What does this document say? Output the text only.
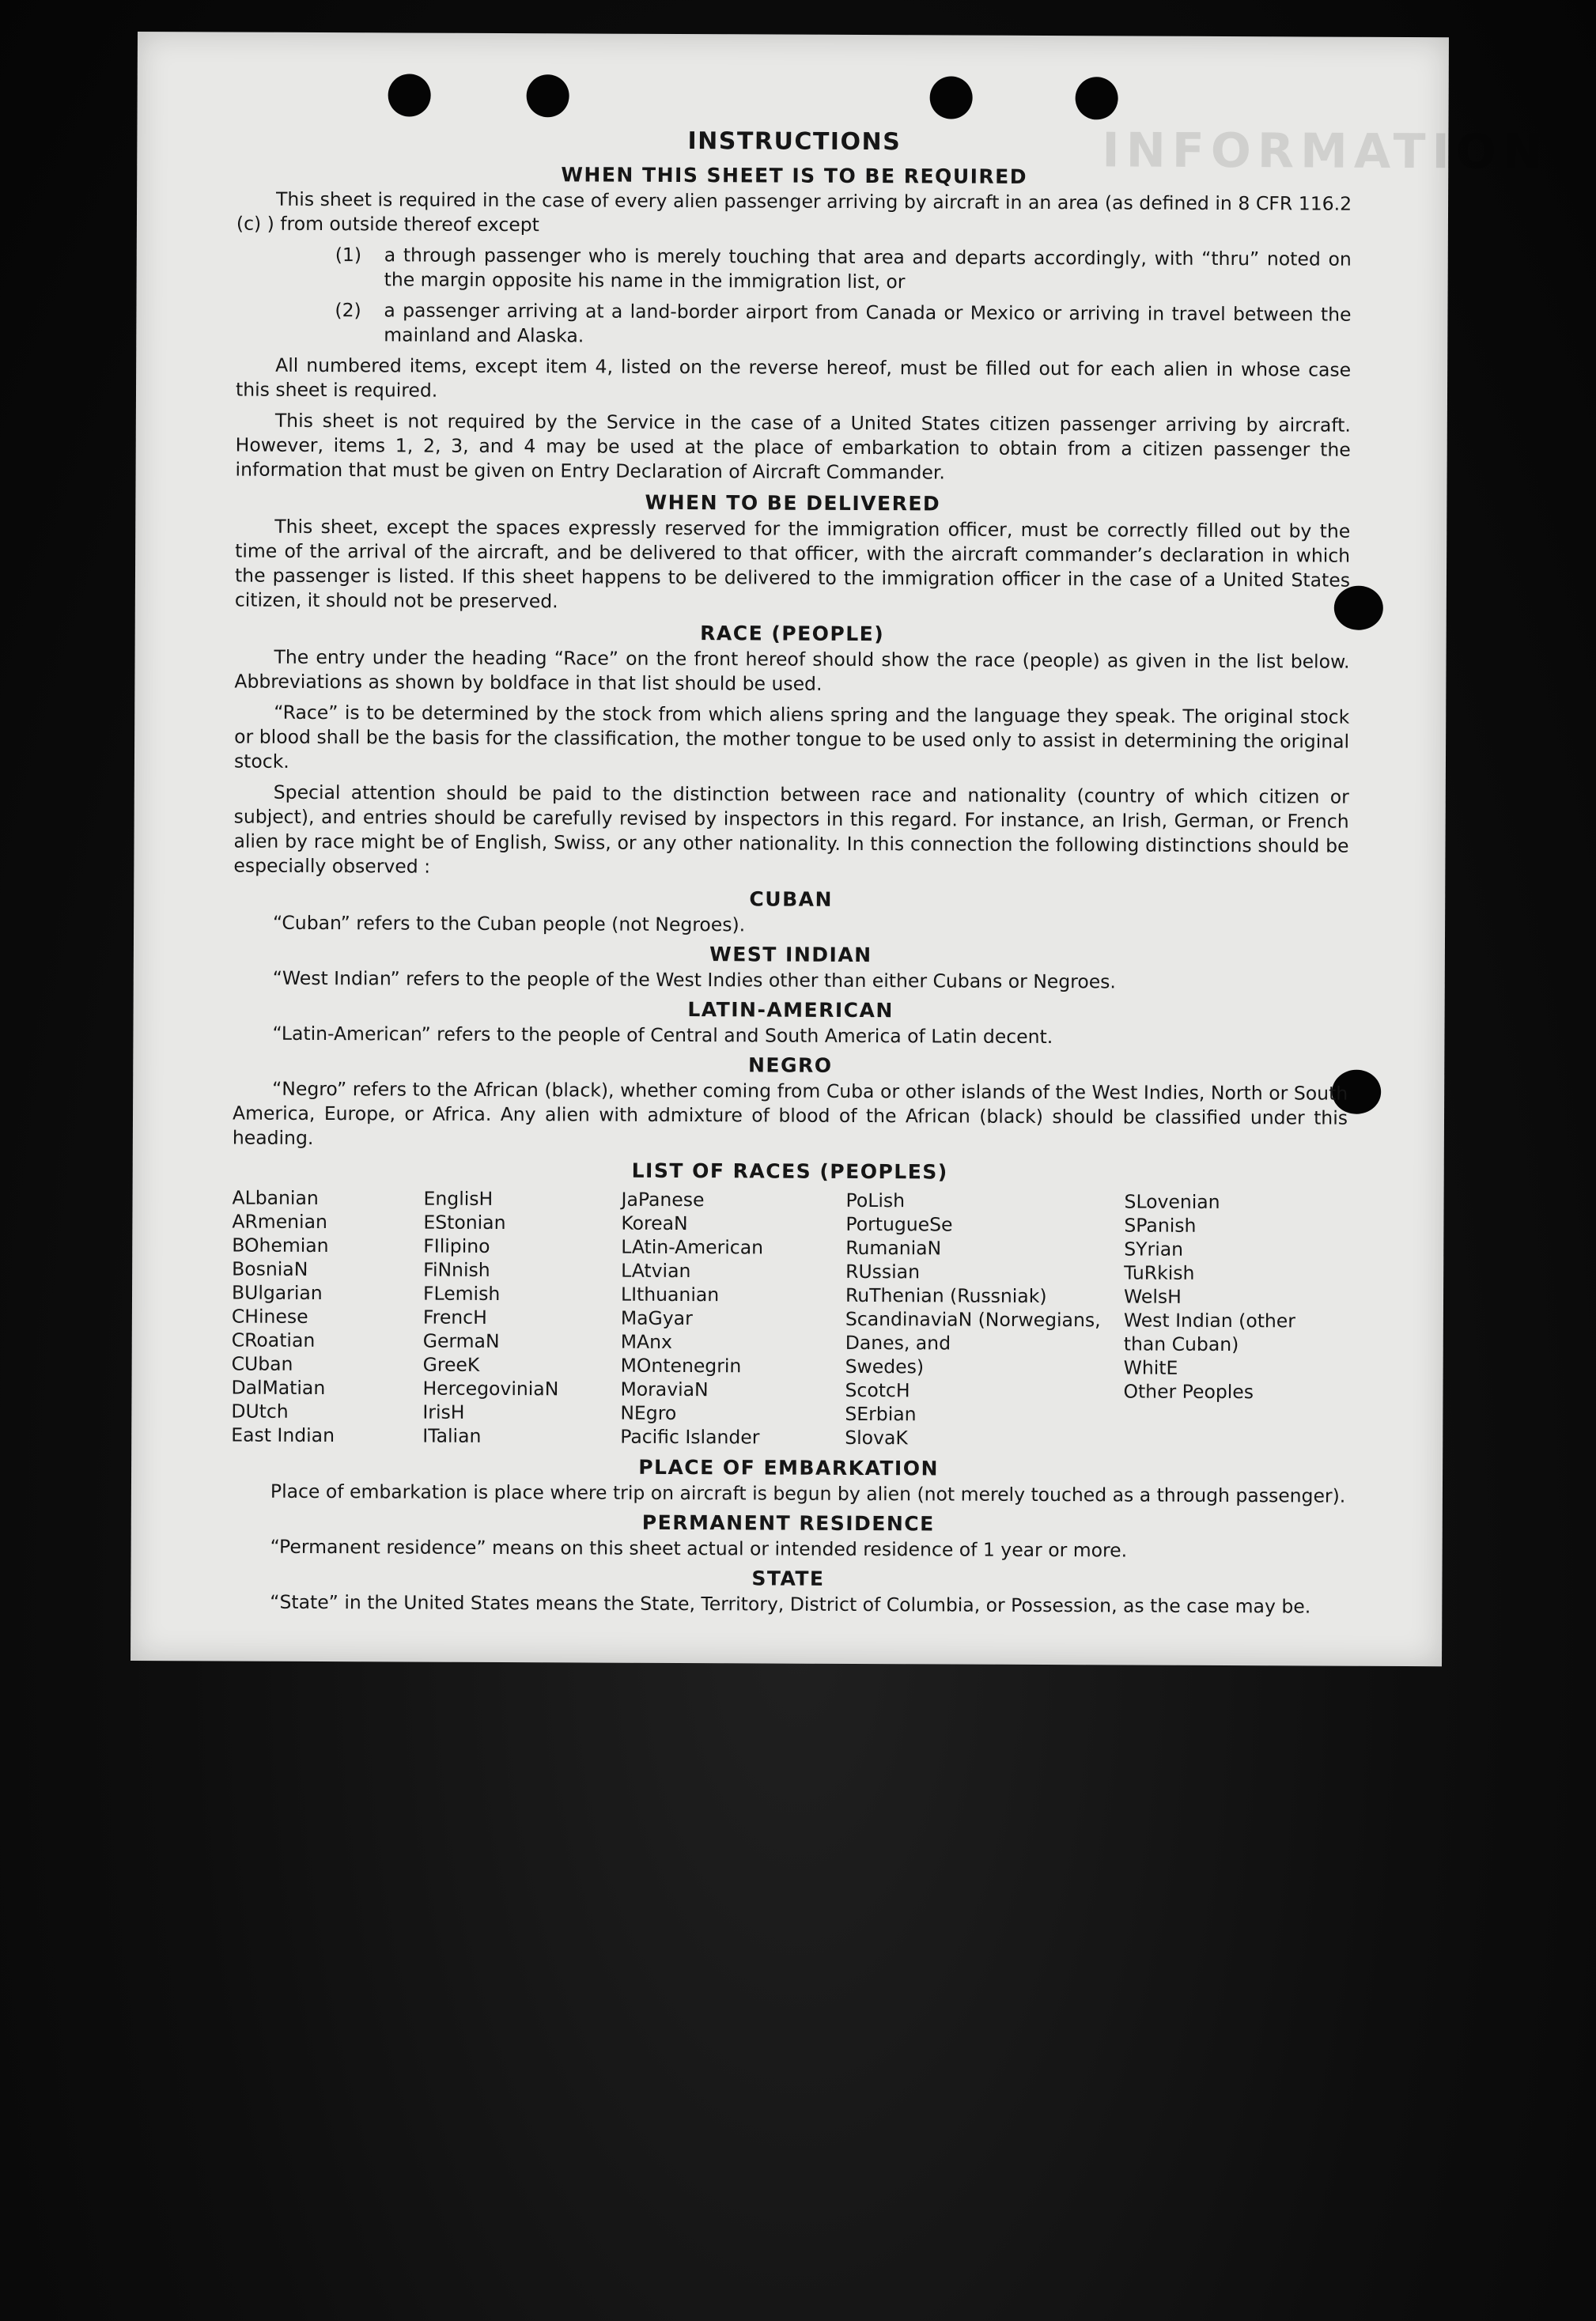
INFORMATION
INSTRUCTIONS
WHEN THIS SHEET IS TO BE REQUIRED
This sheet is required in the case of every alien passenger arriving by aircraft in an area (as defined in 8 CFR 116.2 (c) ) from outside thereof except
(1)	a through passenger who is merely touching that area and departs accordingly, with “thru” noted on the margin opposite his name in the immigration list, or
(2)	a passenger arriving at a land-border airport from Canada or Mexico or arriving in travel between the mainland and Alaska.
All numbered items, except item 4, listed on the reverse hereof, must be filled out for each alien in whose case this sheet is required.
This sheet is not required by the Service in the case of a United States citizen passenger arriving by aircraft. However, items 1, 2, 3, and 4 may be used at the place of embarkation to obtain from a citizen passenger the information that must be given on Entry Declaration of Aircraft Commander.
WHEN TO BE DELIVERED
This sheet, except the spaces expressly reserved for the immigration officer, must be correctly filled out by the time of the arrival of the aircraft, and be delivered to that officer, with the aircraft commander’s declaration in which the passenger is listed. If this sheet happens to be delivered to the immigration officer in the case of a United States citizen, it should not be preserved.
RACE (PEOPLE)
The entry under the heading “Race” on the front hereof should show the race (people) as given in the list below. Abbreviations as shown by boldface in that list should be used.
“Race” is to be determined by the stock from which aliens spring and the language they speak. The original stock or blood shall be the basis for the classification, the mother tongue to be used only to assist in determining the original stock.
Special attention should be paid to the distinction between race and nationality (country of which citizen or subject), and entries should be carefully revised by inspectors in this regard. For instance, an Irish, German, or French alien by race might be of English, Swiss, or any other nationality. In this connection the following distinctions should be especially observed :
CUBAN
“Cuban” refers to the Cuban people (not Negroes).
WEST INDIAN
“West Indian” refers to the people of the West Indies other than either Cubans or Negroes.
LATIN-AMERICAN
“Latin-American” refers to the people of Central and South America of Latin decent.
NEGRO
“Negro” refers to the African (black), whether coming from Cuba or other islands of the West Indies, North or South America, Europe, or Africa. Any alien with admixture of blood of the African (black) should be classified under this heading.
LIST OF RACES (PEOPLES)
ALbanian
ARmenian
BOhemian
BosniaN
BUlgarian
CHinese
CRoatian
CUban
DalMatian
DUtch
East Indian
EnglisH
EStonian
FIlipino
FiNnish
FLemish
FrencH
GermaN
GreeK
HercegoviniaN
IrisH
ITalian
JaPanese
KoreaN
LAtin-American
LAtvian
LIthuanian
MaGyar
MAnx
MOntenegrin
MoraviaN
NEgro
Pacific Islander
PoLish
PortugueSe
RumaniaN
RUssian
RuThenian (Russniak)
ScandinaviaN (Norwegians,
Danes, and
Swedes)
ScotcH
SErbian
SlovaK
SLovenian
SPanish
SYrian
TuRkish
WelsH
West Indian (other
than Cuban)
WhitE
Other Peoples
PLACE OF EMBARKATION
Place of embarkation is place where trip on aircraft is begun by alien (not merely touched as a through passenger).
PERMANENT RESIDENCE
“Permanent residence” means on this sheet actual or intended residence of 1 year or more.
STATE
“State” in the United States means the State, Territory, District of Columbia, or Possession, as the case may be.
